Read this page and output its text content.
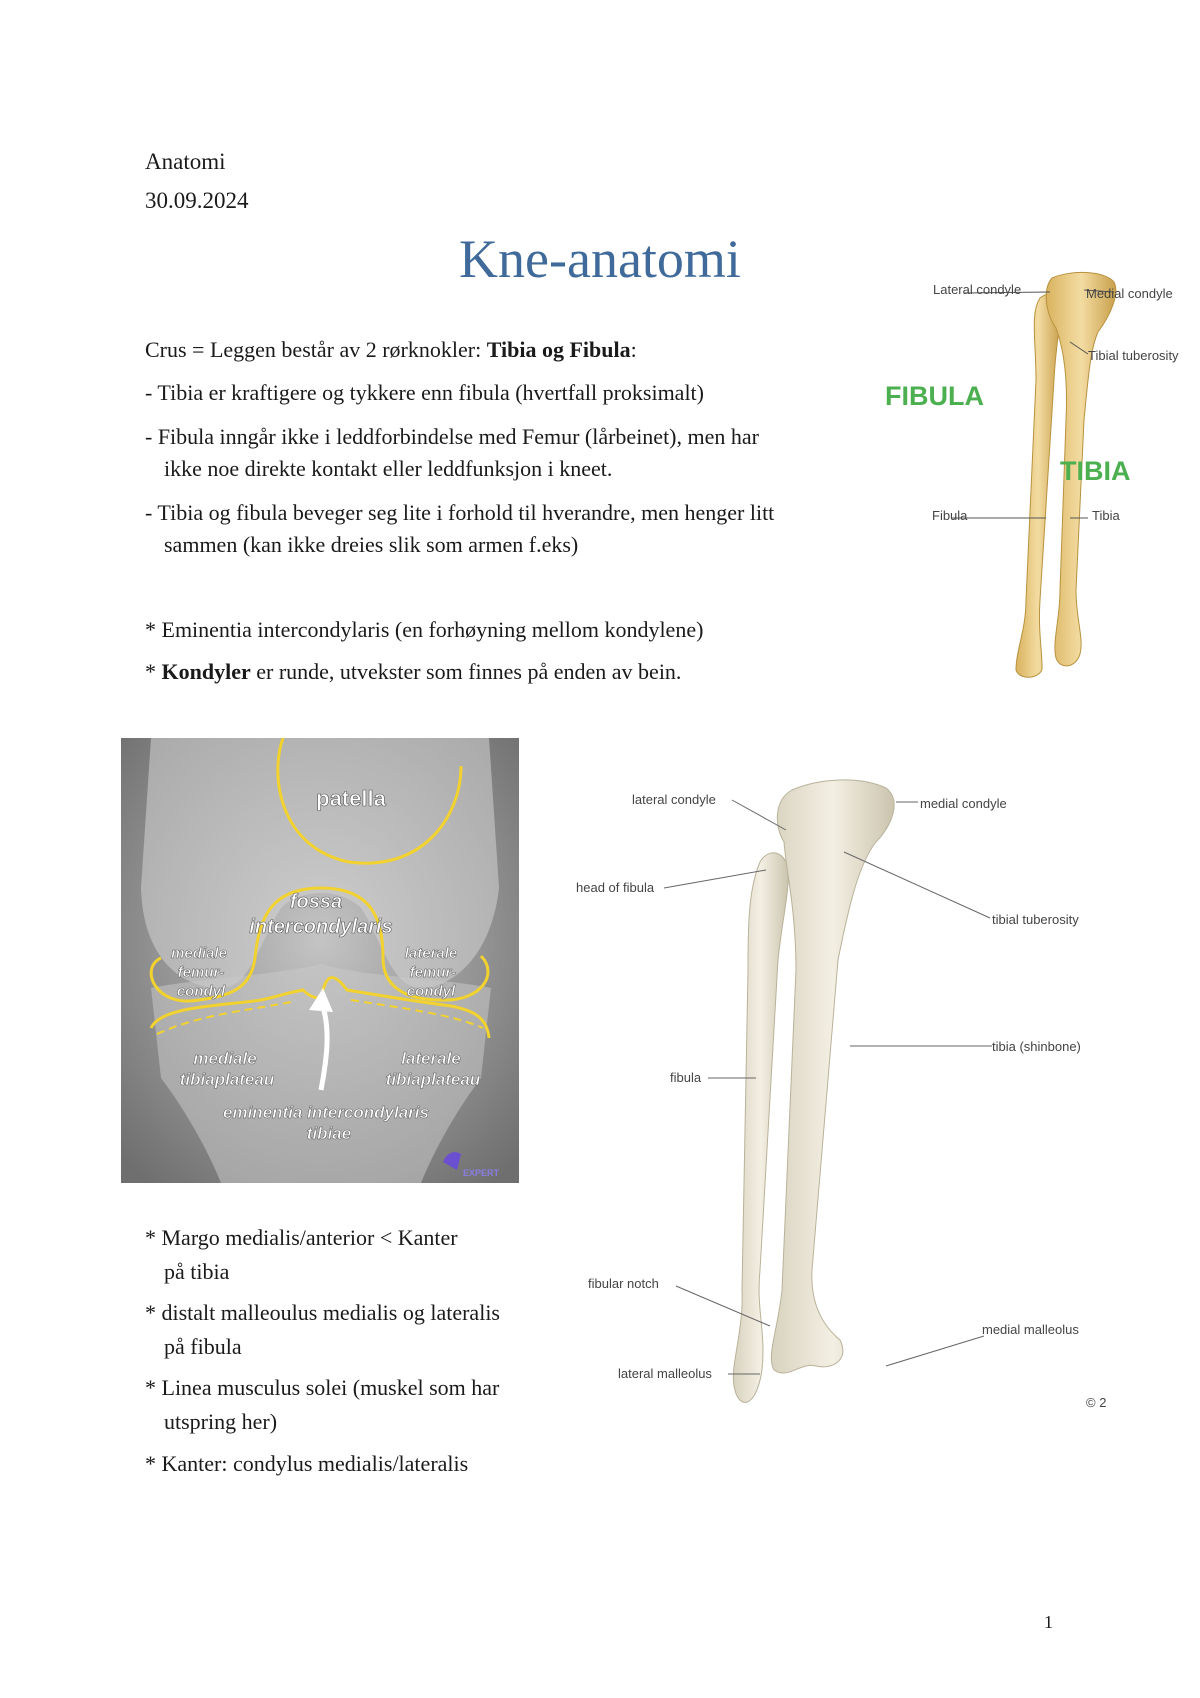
Anatomi
30.09.2024
Kne-anatomi
Crus = Leggen består av 2 rørknokler: Tibia og Fibula:
- Tibia er kraftigere og tykkere enn fibula (hvertfall proksimalt)
- Fibula inngår ikke i leddforbindelse med Femur (lårbeinet), men har
ikke noe direkte kontakt eller leddfunksjon i kneet.
- Tibia og fibula beveger seg lite i forhold til hverandre, men henger litt
sammen (kan ikke dreies slik som armen f.eks)
* Eminentia intercondylaris (en forhøyning mellom kondylene)
* Kondyler er runde, utvekster som finnes på enden av bein.
Lateral condyle	Medial condyle
Tibial tuberosity
Fibula	Tibia
FIBULA
TIBIA
patella
fossa
intercondylaris
mediale
femur-
condyl
laterale
femur-
condyl
mediale
tibiaplateau
laterale
tibiaplateau
eminentia intercondylaris
tibiae
EXPERT
* Margo medialis/anterior < Kanter
på tibia
* distalt malleoulus medialis og lateralis
på fibula
* Linea musculus solei (muskel som har
utspring her)
* Kanter: condylus medialis/lateralis
lateral condyle	medial condyle
head of fibula
tibial tuberosity
tibia (shinbone)
fibula
fibular notch
medial malleolus
lateral malleolus
© 2
1
